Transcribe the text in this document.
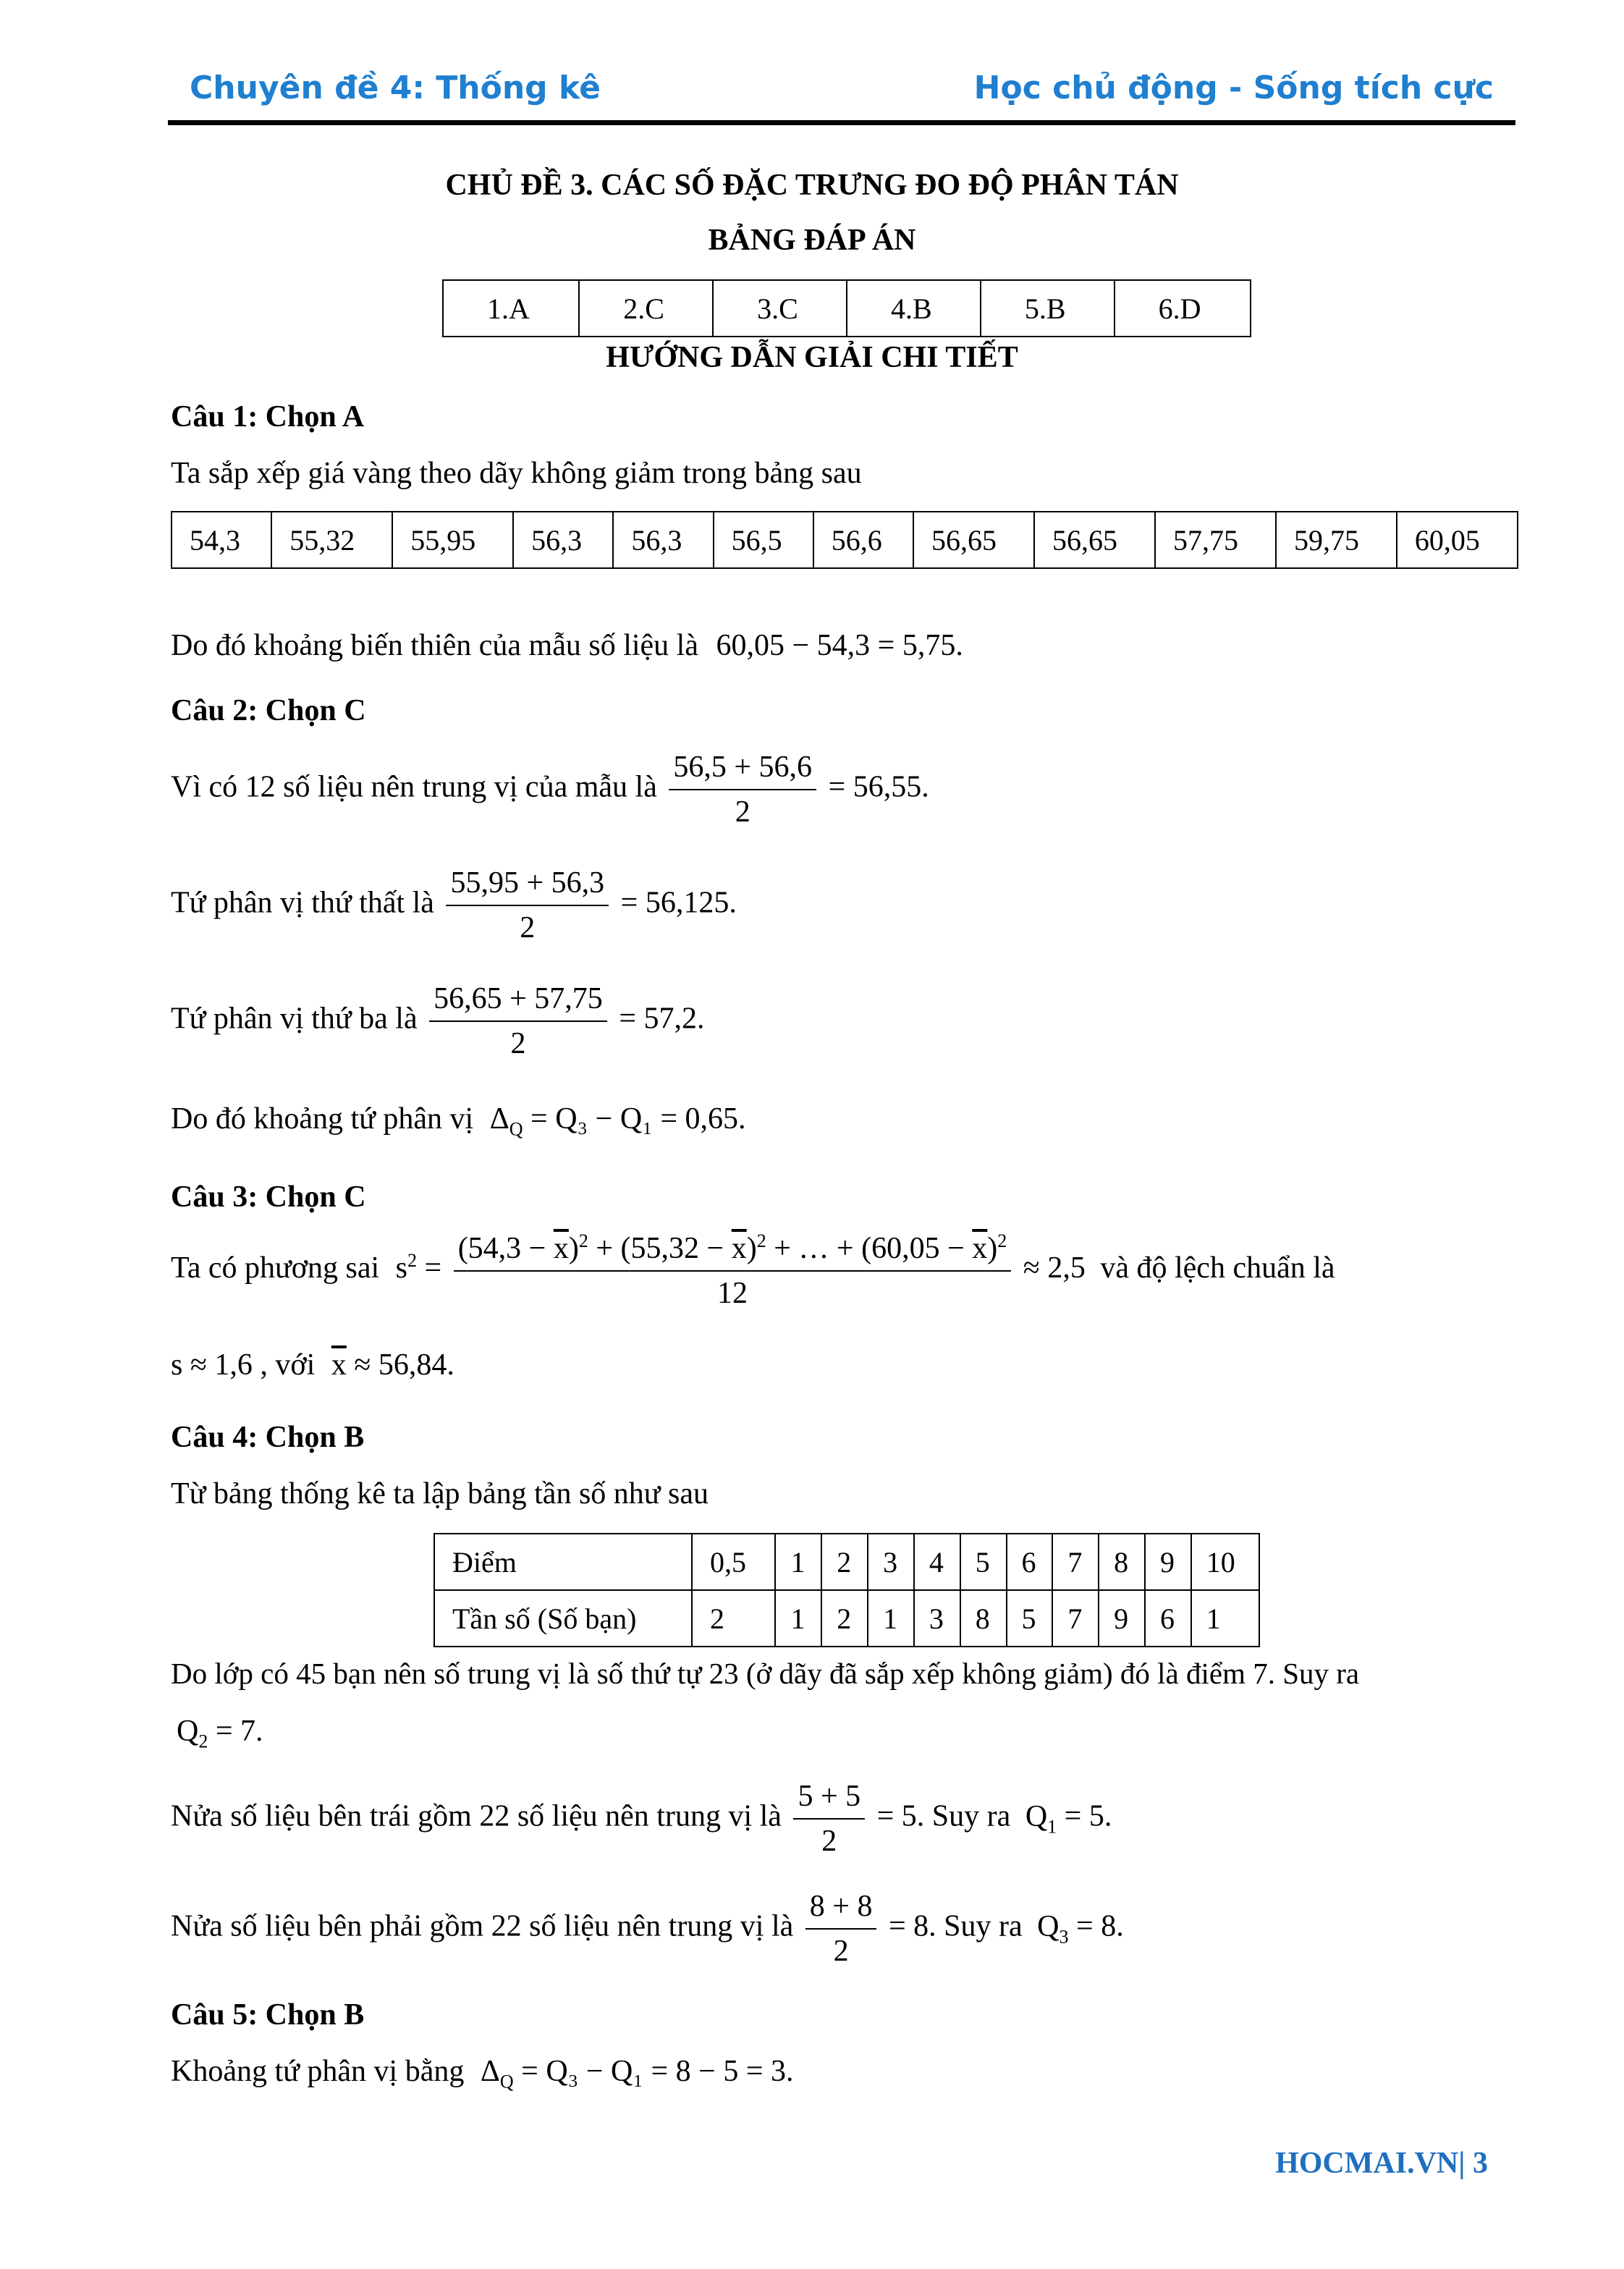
Chuyên đề 4: Thống kê	Học chủ động - Sống tích cực
CHỦ ĐỀ 3. CÁC SỐ ĐẶC TRƯNG ĐO ĐỘ PHÂN TÁN
BẢNG ĐÁP ÁN
1.A	2.C	3.C	4.B	5.B	6.D
HƯỚNG DẪN GIẢI CHI TIẾT
Câu 1: Chọn A
Ta sắp xếp giá vàng theo dãy không giảm trong bảng sau
54,3	55,32	55,95	56,3	56,3	56,5	56,6	56,65	56,65	57,75	59,75	60,05
Do đó khoảng biến thiên của mẫu số liệu là 60,05 − 54,3 = 5,75.
Câu 2: Chọn C
Vì có 12 số liệu nên trung vị của mẫu là $\frac{56,5 + 56,6}{2} = 56,55$.
Tứ phân vị thứ thất là $\frac{55,95 + 56,3}{2} = 56,125$.
Tứ phân vị thứ ba là $\frac{56,65 + 57,75}{2} = 57,2$.
Do đó khoảng tứ phân vị $\Delta_Q = Q_3 - Q_1 = 0,65$.
Câu 3: Chọn C
Ta có phương sai $s^2 = \frac{(54,3 - \overline{x})^2 + (55,32 - \overline{x})^2 + \dots + (60,05 - \overline{x})^2}{12} \approx 2,5$ và độ lệch chuẩn là
s ≈ 1,6 , với $\overline{x} \approx 56,84$.
Câu 4: Chọn B
Từ bảng thống kê ta lập bảng tần số như sau
Điểm	0,5	1	2	3	4	5	6	7	8	9	10
Tần số (Số bạn)	2	1	2	1	3	8	5	7	9	6	1
Do lớp có 45 bạn nên số trung vị là số thứ tự 23 (ở dãy đã sắp xếp không giảm) đó là điểm 7. Suy ra
$Q_2 = 7$.
Nửa số liệu bên trái gồm 22 số liệu nên trung vị là $\frac{5 + 5}{2} = 5$. Suy ra $Q_1 = 5$.
Nửa số liệu bên phải gồm 22 số liệu nên trung vị là $\frac{8 + 8}{2} = 8$. Suy ra $Q_3 = 8$.
Câu 5: Chọn B
Khoảng tứ phân vị bằng $\Delta_Q = Q_3 - Q_1 = 8 - 5 = 3$.
HOCMAI.VN| 3
